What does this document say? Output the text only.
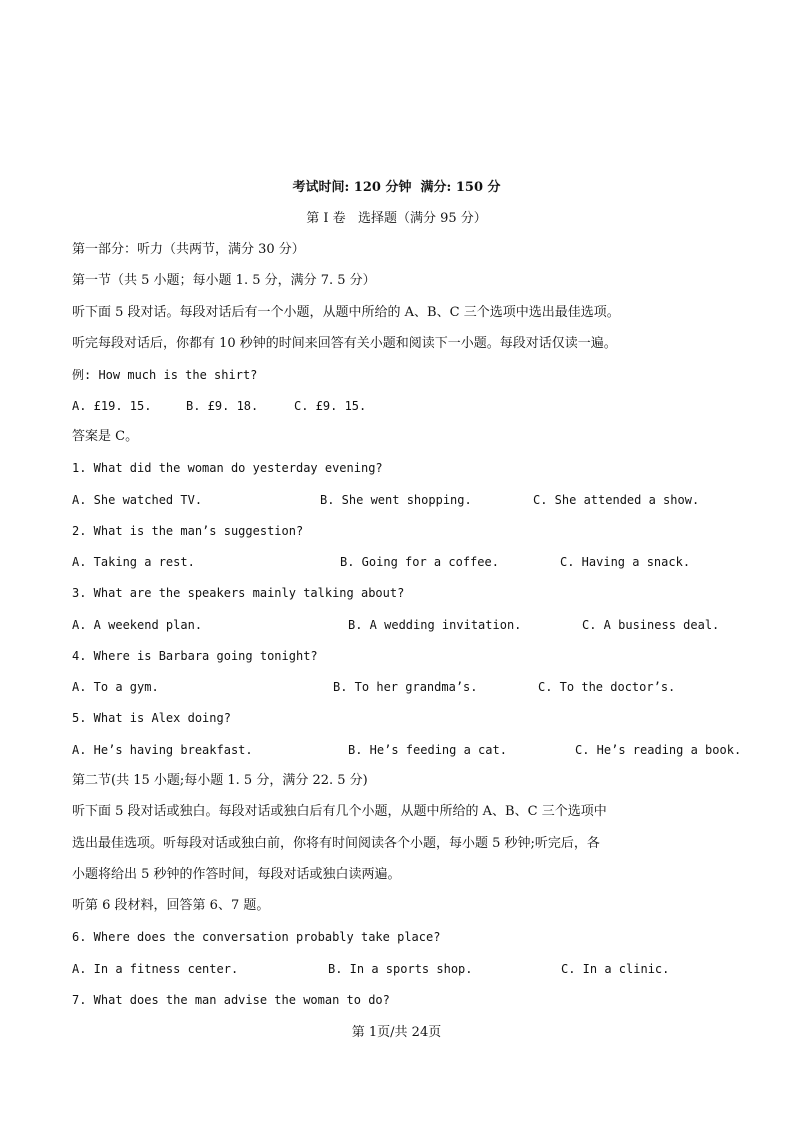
考试时间: 120 分钟  满分: 150 分
第 I 卷   选择题（满分 95 分）
第一部分：听力（共两节，满分 30 分）
第一节（共 5 小题；每小题 1. 5 分，满分 7. 5 分）
听下面 5 段对话。每段对话后有一个小题，从题中所给的 A、B、C 三个选项中选出最佳选项。
听完每段对话后，你都有 10 秒钟的时间来回答有关小题和阅读下一小题。每段对话仅读一遍。
例: How much is the shirt?
A. £19. 15.	B. £9. 18.	C. £9. 15.
答案是 C。
1. What did the woman do yesterday evening?
A. She watched TV.	B. She went shopping.	C. She attended a show.
2. What is the man’s suggestion?
A. Taking a rest.	B. Going for a coffee.	C. Having a snack.
3. What are the speakers mainly talking about?
A. A weekend plan.	B. A wedding invitation.	C. A business deal.
4. Where is Barbara going tonight?
A. To a gym.	B. To her grandma’s.	C. To the doctor’s.
5. What is Alex doing?
A. He’s having breakfast.	B. He’s feeding a cat.	C. He’s reading a book.
第二节(共 15 小题;每小题 1. 5 分，满分 22. 5 分)
听下面 5 段对话或独白。每段对话或独白后有几个小题，从题中所给的 A、B、C 三个选项中
选出最佳选项。听每段对话或独白前，你将有时间阅读各个小题，每小题 5 秒钟;听完后，各
小题将给出 5 秒钟的作答时间，每段对话或独白读两遍。
听第 6 段材料，回答第 6、7 题。
6. Where does the conversation probably take place?
A. In a fitness center.	B. In a sports shop.	C. In a clinic.
7. What does the man advise the woman to do?
第 1页/共 24页
